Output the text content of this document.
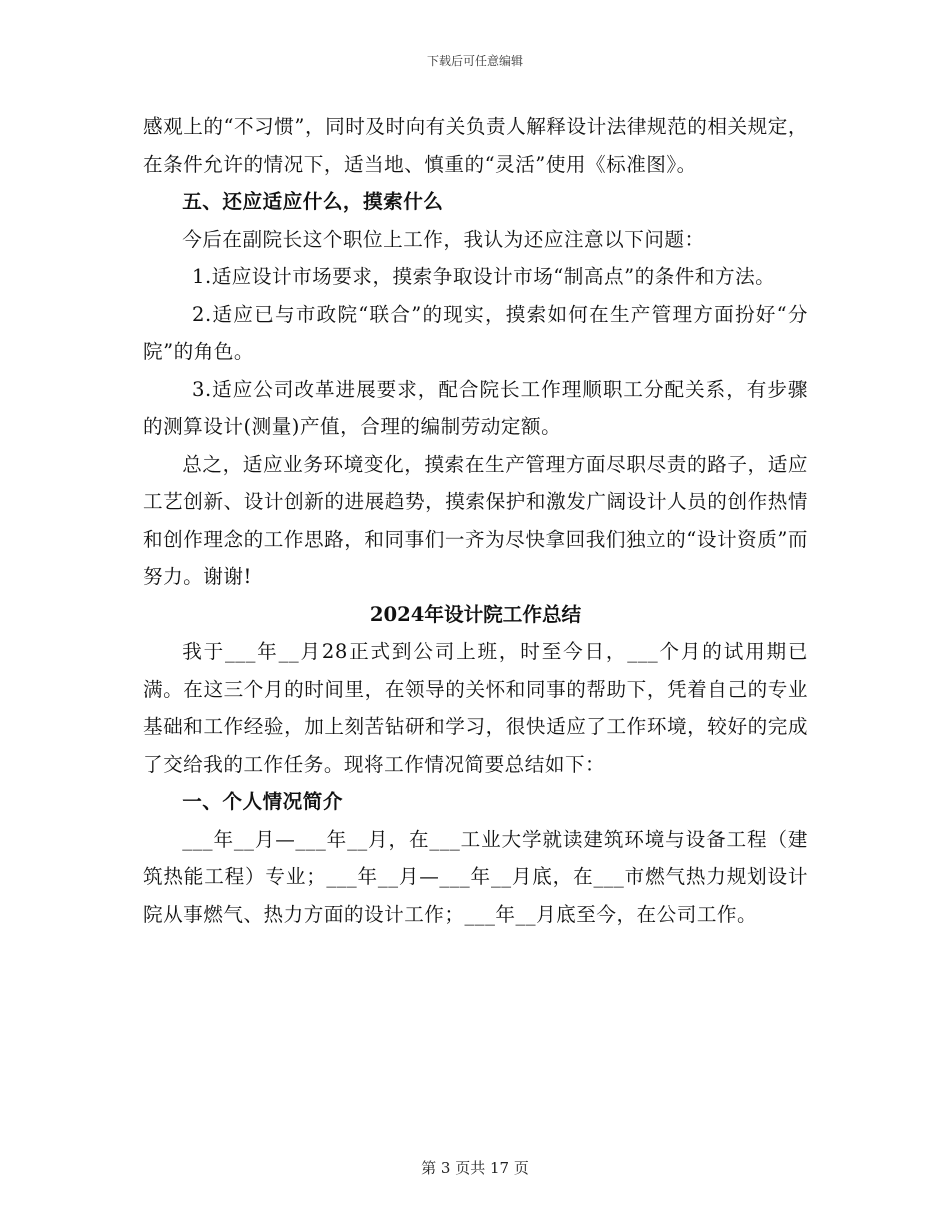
下载后可任意编辑

感观上的“不习惯”，同时及时向有关负责人解释设计法律规范的相关规定，在条件允许的情况下，适当地、慎重的“灵活”使用《标准图》。

五、还应适应什么，摸索什么

今后在副院长这个职位上工作，我认为还应注意以下问题：

1.适应设计市场要求，摸索争取设计市场“制高点”的条件和方法。

2.适应已与市政院“联合”的现实，摸索如何在生产管理方面扮好“分院”的角色。

3.适应公司改革进展要求，配合院长工作理顺职工分配关系，有步骤的测算设计(测量)产值，合理的编制劳动定额。

总之，适应业务环境变化，摸索在生产管理方面尽职尽责的路子，适应工艺创新、设计创新的进展趋势，摸索保护和激发广阔设计人员的创作热情和创作理念的工作思路，和同事们一齐为尽快拿回我们独立的“设计资质”而努力。谢谢!

2024年设计院工作总结

我于___年__月28正式到公司上班，时至今日，___个月的试用期已满。在这三个月的时间里，在领导的关怀和同事的帮助下，凭着自己的专业基础和工作经验，加上刻苦钻研和学习，很快适应了工作环境，较好的完成了交给我的工作任务。现将工作情况简要总结如下：

一、个人情况简介

___年__月—___年__月，在___工业大学就读建筑环境与设备工程（建筑热能工程）专业；___年__月—___年__月底，在___市燃气热力规划设计院从事燃气、热力方面的设计工作；___年__月底至今，在公司工作。

第 3 页共 17 页
